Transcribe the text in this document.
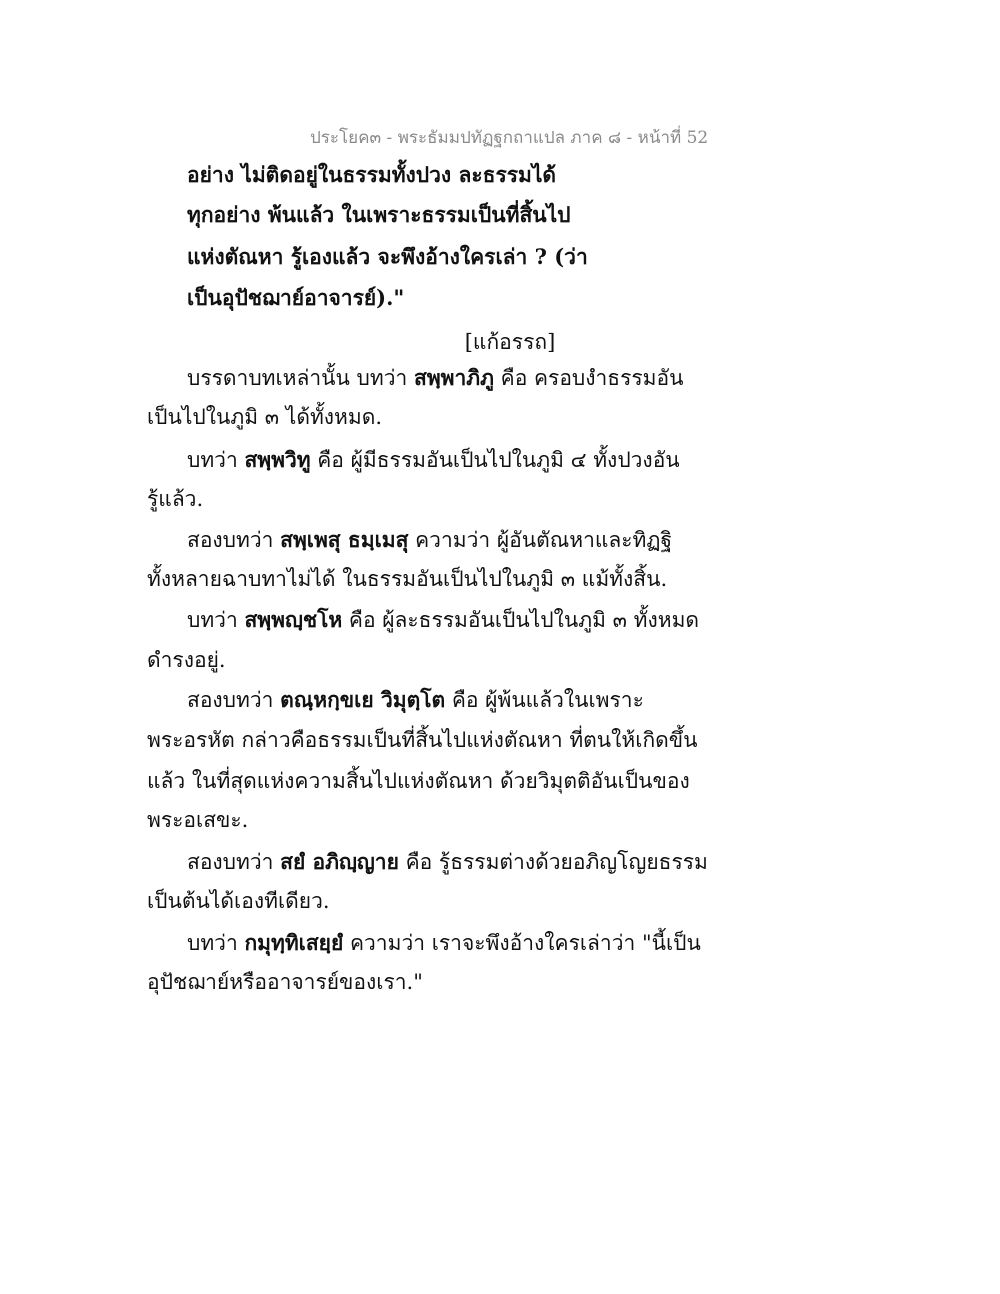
ประโยค๓ - พระธัมมปทัฏฐกถาแปล ภาค ๘ - หน้าที่ 52
อย่าง ไม่ติดอยู่ในธรรมทั้งปวง ละธรรมได้
ทุกอย่าง พ้นแล้ว ในเพราะธรรมเป็นที่สิ้นไป
แห่งตัณหา รู้เองแล้ว จะพึงอ้างใครเล่า ? (ว่า
เป็นอุปัชฌาย์อาจารย์)."
[แก้อรรถ]
บรรดาบทเหล่านั้น บทว่า สพฺพาภิภู คือ ครอบงำธรรมอัน
เป็นไปในภูมิ ๓ ได้ทั้งหมด.
บทว่า สพฺพวิทู คือ ผู้มีธรรมอันเป็นไปในภูมิ ๔ ทั้งปวงอัน
รู้แล้ว.
สองบทว่า สพฺเพสุ ธมฺเมสุ ความว่า ผู้อันตัณหาและทิฏฐิ
ทั้งหลายฉาบทาไม่ได้ ในธรรมอันเป็นไปในภูมิ ๓ แม้ทั้งสิ้น.
บทว่า สพฺพญฺชโห คือ ผู้ละธรรมอันเป็นไปในภูมิ ๓ ทั้งหมด
ดำรงอยู่.
สองบทว่า ตณฺหกฺขเย วิมุตฺโต คือ ผู้พ้นแล้วในเพราะ
พระอรหัต กล่าวคือธรรมเป็นที่สิ้นไปแห่งตัณหา ที่ตนให้เกิดขึ้น
แล้ว ในที่สุดแห่งความสิ้นไปแห่งตัณหา ด้วยวิมุตติอันเป็นของ
พระอเสขะ.
สองบทว่า สยํ อภิญฺญาย คือ รู้ธรรมต่างด้วยอภิญโญยธรรม
เป็นต้นได้เองทีเดียว.
บทว่า กมุทฺทิเสยฺยํ ความว่า เราจะพึงอ้างใครเล่าว่า "นี้เป็น
อุปัชฌาย์หรืออาจารย์ของเรา."
